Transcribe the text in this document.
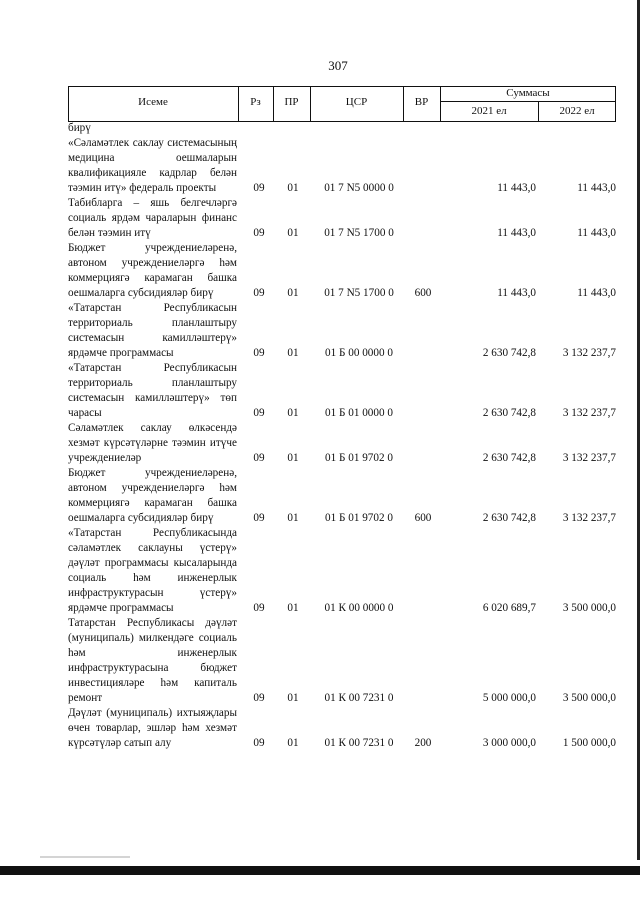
307
Исеме	Рз	ПР	ЦСР	ВР
Суммасы
2021 ел	2022 ел
бирү
«Сәламәтлек саклау системасының медицина оешмаларын квалификацияле кадрлар белән тәэмин итү» федераль проекты	09	01	01 7 N5 0000 0	11 443,0	11 443,0
Табибларга – яшь белгечләргә социаль ярдәм чараларын финанс белән тәэмин итү	09	01	01 7 N5 1700 0	11 443,0	11 443,0
Бюджет учреждениеләренә, автоном учреждениеләргә һәм коммерциягә карамаган башка оешмаларга субсидияләр бирү	09	01	01 7 N5 1700 0	600	11 443,0	11 443,0
«Татарстан Республикасын территориаль планлаштыру системасын камилләштерү» ярдәмче программасы	09	01	01 Б 00 0000 0	2 630 742,8	3 132 237,7
«Татарстан Республикасын территориаль планлаштыру системасын камилләштерү» төп чарасы	09	01	01 Б 01 0000 0	2 630 742,8	3 132 237,7
Сәламәтлек саклау өлкәсендә хезмәт күрсәтүләрне тәэмин итүче учреждениеләр	09	01	01 Б 01 9702 0	2 630 742,8	3 132 237,7
Бюджет учреждениеләренә, автоном учреждениеләргә һәм коммерциягә карамаган башка оешмаларга субсидияләр бирү	09	01	01 Б 01 9702 0	600	2 630 742,8	3 132 237,7
«Татарстан Республикасында сәламәтлек саклауны үстерү» дәүләт программасы кысаларында социаль һәм инженерлык инфраструктурасын үстерү» ярдәмче программасы	09	01	01 К 00 0000 0	6 020 689,7	3 500 000,0
Татарстан Республикасы дәүләт (муниципаль) милкендәге социаль һәм инженерлык инфраструктурасына бюджет инвестицияләре һәм капиталь ремонт	09	01	01 К 00 7231 0	5 000 000,0	3 500 000,0
Дәүләт (муниципаль) ихтыяҗлары өчен товарлар, эшләр һәм хезмәт күрсәтүләр сатып алу	09	01	01 К 00 7231 0	200	3 000 000,0	1 500 000,0
